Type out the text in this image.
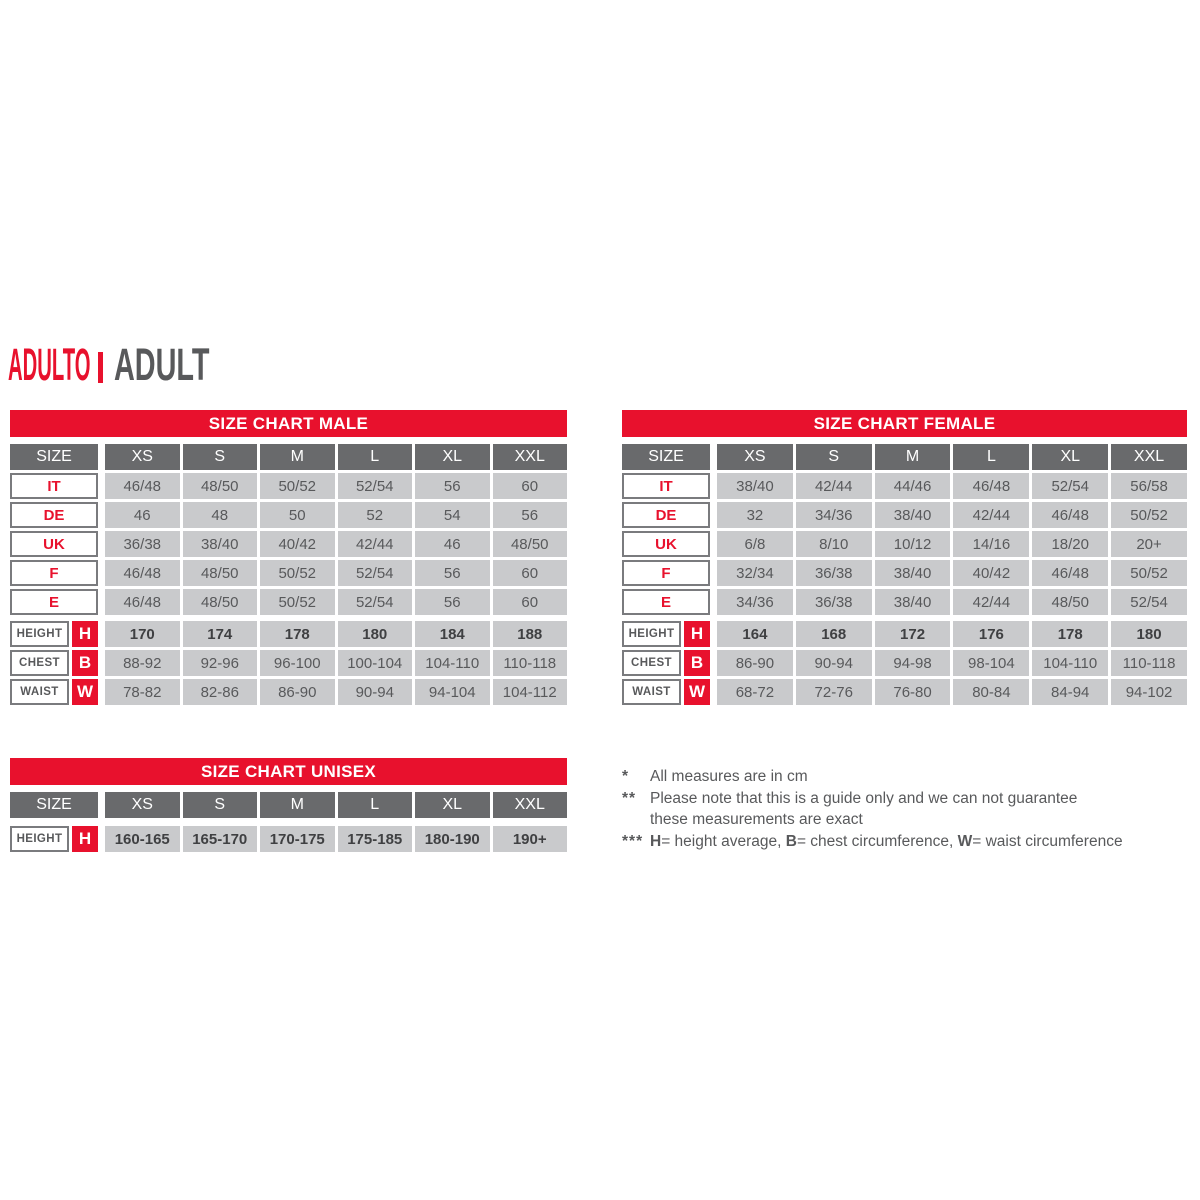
ADULTO ADULT
SIZE CHART MALE
SIZE	XS	S	M	L	XL	XXL
IT	46/48	48/50	50/52	52/54	56	60
DE	46	48	50	52	54	56
UK	36/38	38/40	40/42	42/44	46	48/50
F	46/48	48/50	50/52	52/54	56	60
E	46/48	48/50	50/52	52/54	56	60
HEIGHT H	170	174	178	180	184	188
CHEST	B	88-92	92-96	96-100	100-104	104-110	110-118
WAIST W	78-82	82-86	86-90	90-94	94-104	104-112
SIZE CHART FEMALE
SIZE	XS	S	M	L	XL	XXL
IT	38/40	42/44	44/46	46/48	52/54	56/58
DE	32	34/36	38/40	42/44	46/48	50/52
UK	6/8	8/10	10/12	14/16	18/20	20+
F	32/34	36/38	38/40	40/42	46/48	50/52
E	34/36	36/38	38/40	42/44	48/50	52/54
HEIGHT H	164	168	172	176	178	180
CHEST	B	86-90	90-94	94-98	98-104	104-110	110-118
WAIST W	68-72	72-76	76-80	80-84	84-94	94-102
SIZE CHART UNISEX
SIZE	XS	S	M	L	XL	XXL
HEIGHT H	160-165	165-170	170-175	175-185	180-190	190+
*	All measures are in cm
** Please note that this is a guide only and we can not guarantee
these measurements are exact
*** H= height average, B= chest circumference, W= waist circumference
